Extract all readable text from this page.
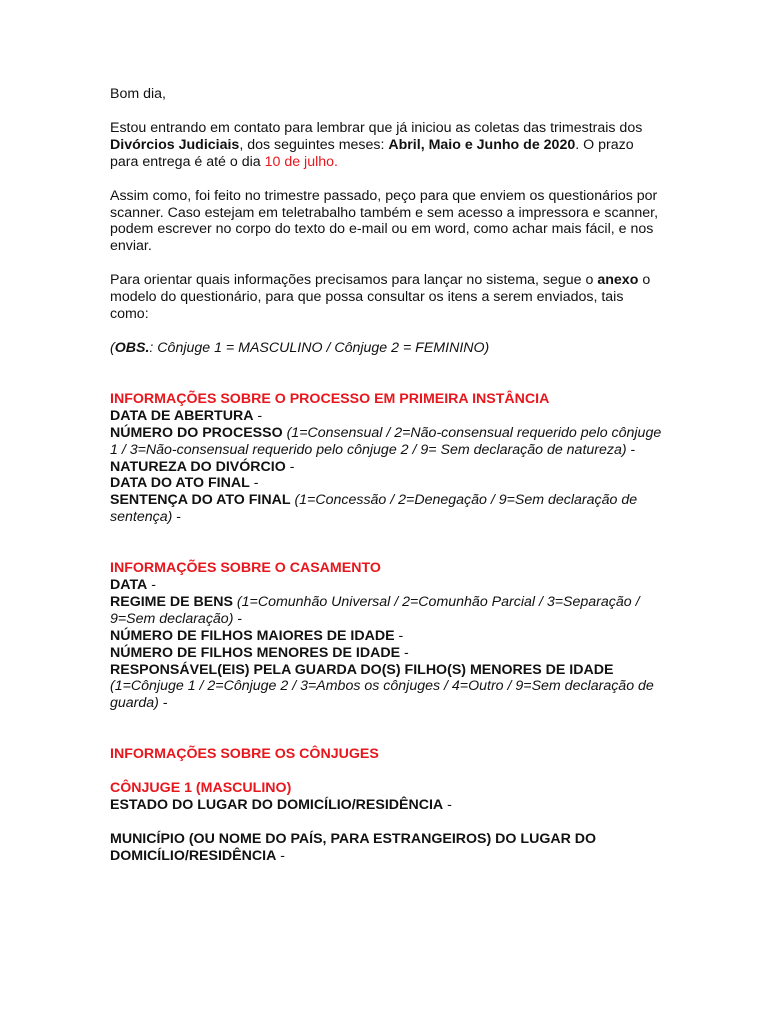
Bom dia,

Estou entrando em contato para lembrar que já iniciou as coletas das trimestrais dos Divórcios Judiciais, dos seguintes meses: Abril, Maio e Junho de 2020. O prazo para entrega é até o dia 10 de julho.

Assim como, foi feito no trimestre passado, peço para que enviem os questionários por scanner. Caso estejam em teletrabalho também e sem acesso a impressora e scanner, podem escrever no corpo do texto do e-mail ou em word, como achar mais fácil, e nos enviar.

Para orientar quais informações precisamos para lançar no sistema, segue o anexo o modelo do questionário, para que possa consultar os itens a serem enviados, tais como:

(OBS.: Cônjuge 1 = MASCULINO / Cônjuge 2 = FEMININO)

INFORMAÇÕES SOBRE O PROCESSO EM PRIMEIRA INSTÂNCIA

DATA DE ABERTURA -

NÚMERO DO PROCESSO (1=Consensual / 2=Não-consensual requerido pelo cônjuge 1 / 3=Não-consensual requerido pelo cônjuge 2 / 9= Sem declaração de natureza) -

NATUREZA DO DIVÓRCIO -

DATA DO ATO FINAL -

SENTENÇA DO ATO FINAL (1=Concessão / 2=Denegação / 9=Sem declaração de sentença) -

INFORMAÇÕES SOBRE O CASAMENTO

DATA -

REGIME DE BENS (1=Comunhão Universal / 2=Comunhão Parcial / 3=Separação / 9=Sem declaração) -

NÚMERO DE FILHOS MAIORES DE IDADE -

NÚMERO DE FILHOS MENORES DE IDADE -

RESPONSÁVEL(EIS) PELA GUARDA DO(S) FILHO(S) MENORES DE IDADE (1=Cônjuge 1 / 2=Cônjuge 2 / 3=Ambos os cônjuges / 4=Outro / 9=Sem declaração de guarda) -

INFORMAÇÕES SOBRE OS CÔNJUGES

CÔNJUGE 1 (MASCULINO)

ESTADO DO LUGAR DO DOMICÍLIO/RESIDÊNCIA -

MUNICÍPIO (OU NOME DO PAÍS, PARA ESTRANGEIROS) DO LUGAR DO DOMICÍLIO/RESIDÊNCIA -
